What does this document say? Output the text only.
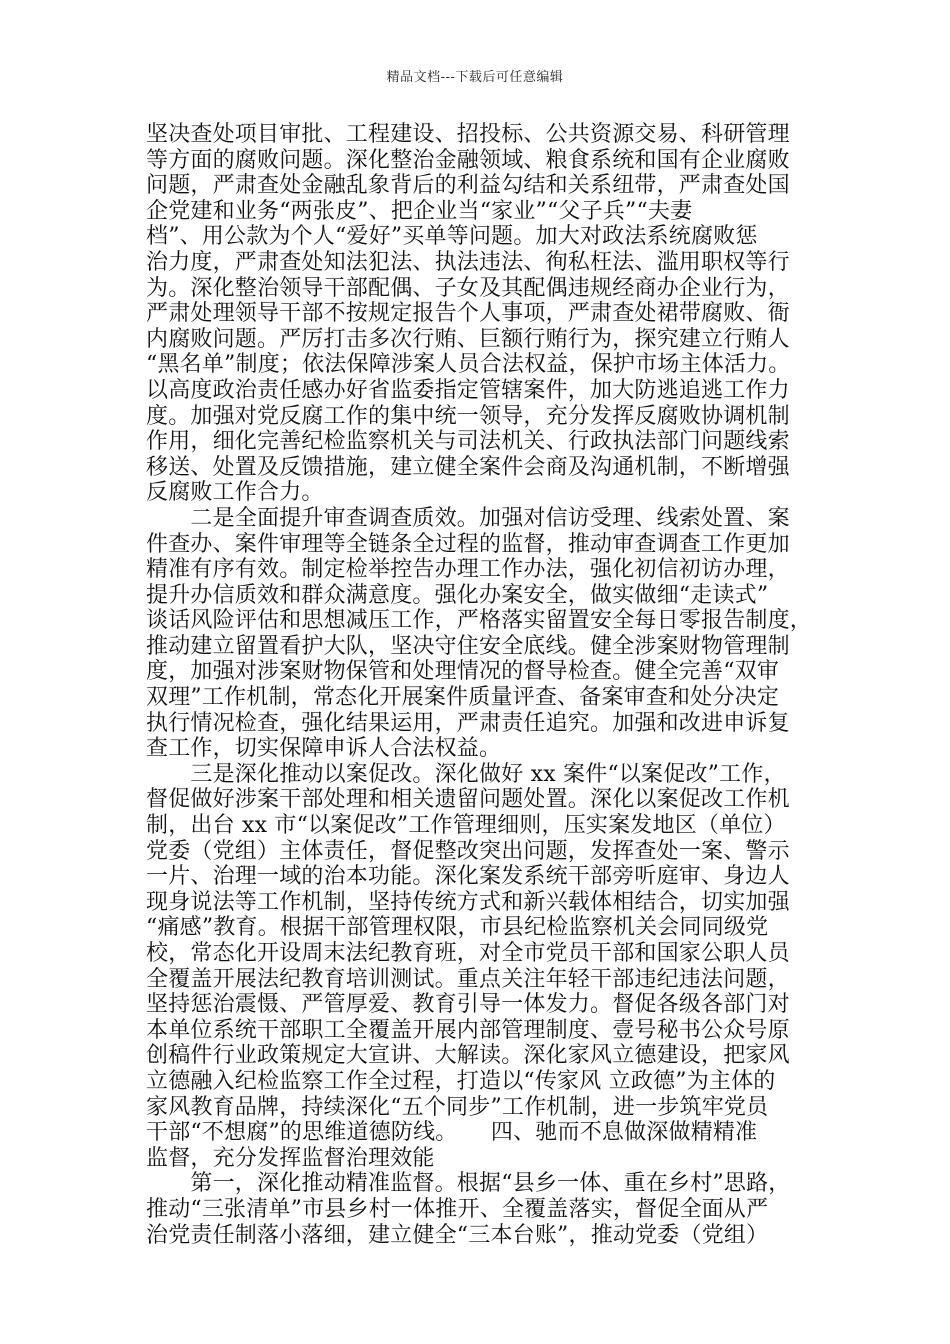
精品文档---下载后可任意编辑
坚决查处项目审批、工程建设、招投标、公共资源交易、科研管理
等方面的腐败问题。深化整治金融领域、粮食系统和国有企业腐败
问题，严肃查处金融乱象背后的利益勾结和关系纽带，严肃查处国
企党建和业务“两张皮”、把企业当“家业”“父子兵”“夫妻
档”、用公款为个人“爱好”买单等问题。加大对政法系统腐败惩
治力度，严肃查处知法犯法、执法违法、徇私枉法、滥用职权等行
为。深化整治领导干部配偶、子女及其配偶违规经商办企业行为，
严肃处理领导干部不按规定报告个人事项，严肃查处裙带腐败、衙
内腐败问题。严厉打击多次行贿、巨额行贿行为，探究建立行贿人
“黑名单”制度；依法保障涉案人员合法权益，保护市场主体活力。
以高度政治责任感办好省监委指定管辖案件，加大防逃追逃工作力
度。加强对党反腐工作的集中统一领导，充分发挥反腐败协调机制
作用，细化完善纪检监察机关与司法机关、行政执法部门问题线索
移送、处置及反馈措施，建立健全案件会商及沟通机制，不断增强
反腐败工作合力。
　　二是全面提升审查调查质效。加强对信访受理、线索处置、案
件查办、案件审理等全链条全过程的监督，推动审查调查工作更加
精准有序有效。制定检举控告办理工作办法，强化初信初访办理，
提升办信质效和群众满意度。强化办案安全，做实做细“走读式”
谈话风险评估和思想减压工作，严格落实留置安全每日零报告制度，
推动建立留置看护大队，坚决守住安全底线。健全涉案财物管理制
度，加强对涉案财物保管和处理情况的督导检查。健全完善“双审
双理”工作机制，常态化开展案件质量评查、备案审查和处分决定
执行情况检查，强化结果运用，严肃责任追究。加强和改进申诉复
查工作，切实保障申诉人合法权益。
　　三是深化推动以案促改。深化做好 xx 案件“以案促改”工作，
督促做好涉案干部处理和相关遗留问题处置。深化以案促改工作机
制，出台 xx 市“以案促改”工作管理细则，压实案发地区（单位）
党委（党组）主体责任，督促整改突出问题，发挥查处一案、警示
一片、治理一域的治本功能。深化案发系统干部旁听庭审、身边人
现身说法等工作机制，坚持传统方式和新兴载体相结合，切实加强
“痛感”教育。根据干部管理权限，市县纪检监察机关会同同级党
校，常态化开设周末法纪教育班，对全市党员干部和国家公职人员
全覆盖开展法纪教育培训测试。重点关注年轻干部违纪违法问题，
坚持惩治震慑、严管厚爱、教育引导一体发力。督促各级各部门对
本单位系统干部职工全覆盖开展内部管理制度、壹号秘书公众号原
创稿件行业政策规定大宣讲、大解读。深化家风立德建设，把家风
立德融入纪检监察工作全过程，打造以“传家风 立政德”为主体的
家风教育品牌，持续深化“五个同步”工作机制，进一步筑牢党员
干部“不想腐”的思维道德防线。　　四、驰而不息做深做精精准
监督，充分发挥监督治理效能
　　第一，深化推动精准监督。根据“县乡一体、重在乡村”思路，
推动“三张清单”市县乡村一体推开、全覆盖落实，督促全面从严
治党责任制落小落细，建立健全“三本台账”，推动党委（党组）
